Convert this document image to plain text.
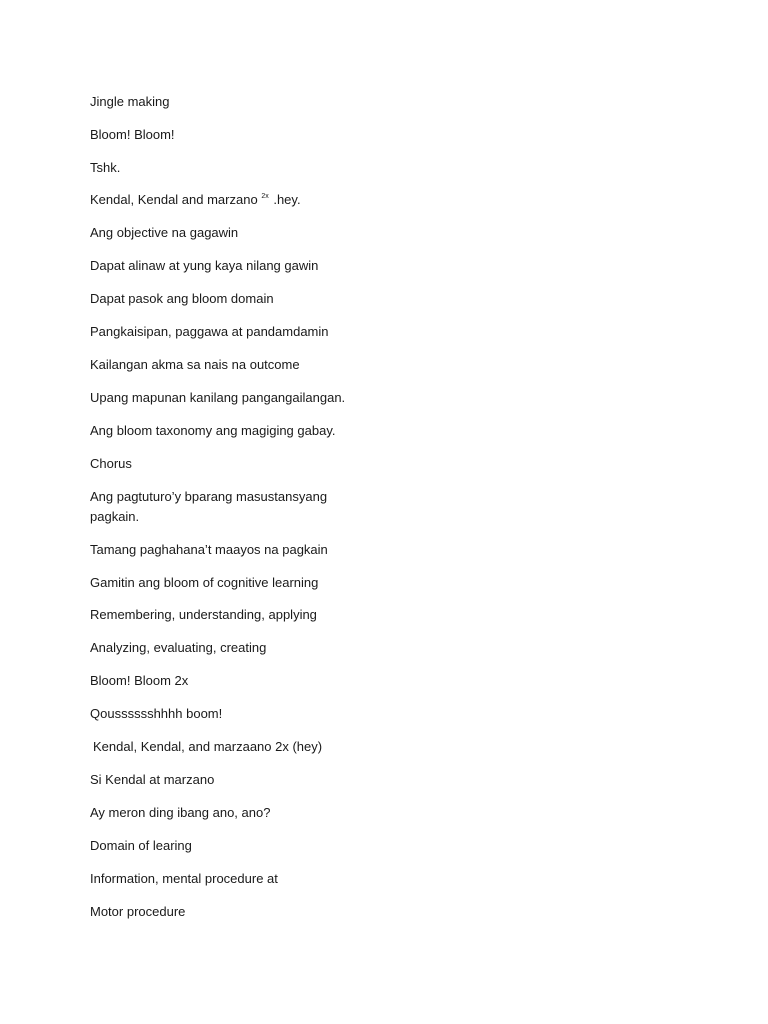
Jingle making
Bloom! Bloom!
Tshk.
Kendal, Kendal and marzano $^{2x}$ .hey.
Ang objective na gagawin
Dapat alinaw at yung kaya nilang gawin
Dapat pasok ang bloom domain
Pangkaisipan, paggawa at pandamdamin
Kailangan akma sa nais na outcome
Upang mapunan kanilang pangangailangan.
Ang bloom taxonomy ang magiging gabay.
Chorus
Ang pagtuturo’y bparang masustansyang pagkain.
Tamang paghahana’t maayos na pagkain
Gamitin ang bloom of cognitive learning
Remembering, understanding, applying
Analyzing, evaluating, creating
Bloom! Bloom 2x
Qousssssshhhh boom!
Kendal, Kendal, and marzaano 2x (hey)
Si Kendal at marzano
Ay meron ding ibang ano, ano?
Domain of learing
Information, mental procedure at
Motor procedure
